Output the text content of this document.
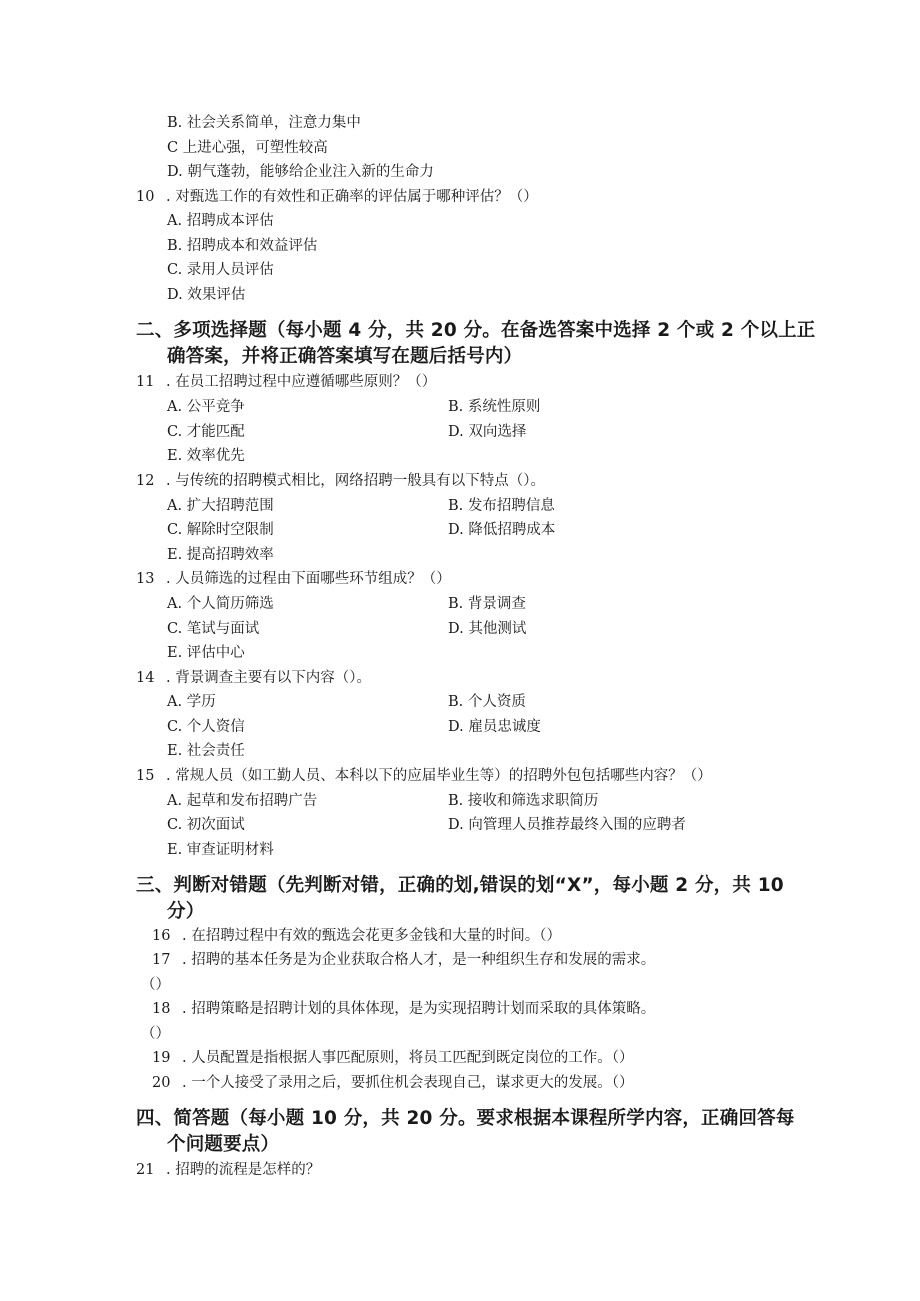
B. 社会关系简单，注意力集中
C 上进心强，可塑性较高
D. 朝气蓬勃，能够给企业注入新的生命力
10 . 对甄选工作的有效性和正确率的评估属于哪种评估？（）
A. 招聘成本评估
B. 招聘成本和效益评估
C. 录用人员评估
D. 效果评估
二、多项选择题（每小题 4 分，共 20 分。在备选答案中选择 2 个或 2 个以上正
确答案，并将正确答案填写在题后括号内）
11 . 在员工招聘过程中应遵循哪些原则？（）
A. 公平竞争	B. 系统性原则
C. 才能匹配	D. 双向选择
E. 效率优先
12 . 与传统的招聘模式相比，网络招聘一般具有以下特点（）。
A. 扩大招聘范围	B. 发布招聘信息
C. 解除时空限制	D. 降低招聘成本
E. 提高招聘效率
13 . 人员筛选的过程由下面哪些环节组成？（）
A. 个人简历筛选	B. 背景调查
C. 笔试与面试	D. 其他测试
E. 评估中心
14 . 背景调查主要有以下内容（）。
A. 学历	B. 个人资质
C. 个人资信	D. 雇员忠诚度
E. 社会责任
15 . 常规人员（如工勤人员、本科以下的应届毕业生等）的招聘外包包括哪些内容？（）
A. 起草和发布招聘广告	B. 接收和筛选求职简历
C. 初次面试	D. 向管理人员推荐最终入围的应聘者
E. 审查证明材料
三、判断对错题（先判断对错，正确的划,错误的划“X”，每小题 2 分，共 10
分）
16 . 在招聘过程中有效的甄选会花更多金钱和大量的时间。（）
17 . 招聘的基本任务是为企业获取合格人才，是一种组织生存和发展的需求。
（）
18 . 招聘策略是招聘计划的具体体现，是为实现招聘计划而采取的具体策略。
（）
19 . 人员配置是指根据人事匹配原则，将员工匹配到既定岗位的工作。（）
20 . 一个人接受了录用之后，要抓住机会表现自己，谋求更大的发展。（）
四、简答题（每小题 10 分，共 20 分。要求根据本课程所学内容，正确回答每
个问题要点）
21 . 招聘的流程是怎样的？
